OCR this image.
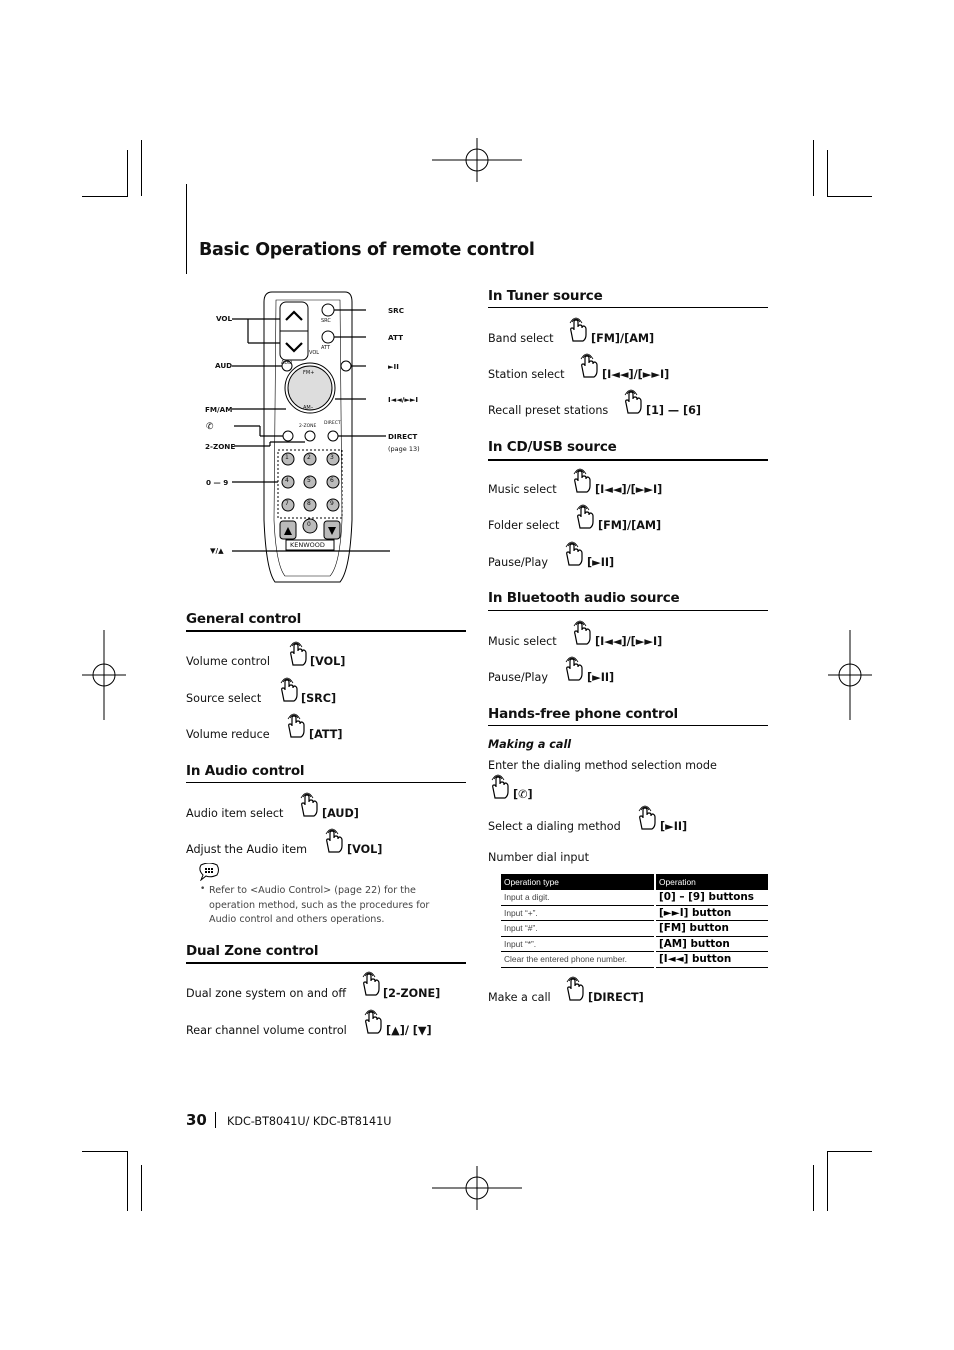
Basic Operations of remote control
VOL
AUD
FM/AM
✆
2-ZONE
0 — 9
▼/▲
SRC
ATT
►II
I◄◄/►►I
DIRECT
(page 13)
SRC
ATT
VOL
AUD
FM+
AM–
2-ZONE
DIRECT
1	2	3
4	5	6
7	8	9
0
KENWOOD
General control
Volume control	[VOL]
Source select	[SRC]
Volume reduce	[ATT]
In Audio control
Audio item select	[AUD]
Adjust the Audio item	[VOL]
• Refer to <Audio Control> (page 22) for the operation method, such as the procedures for Audio control and others operations.
Dual Zone control
Dual zone system on and off	[2-ZONE]
Rear channel volume control	[▲]/ [▼]
In Tuner source
Band select	[FM]/[AM]
Station select	[I◄◄]/[►►I]
Recall preset stations	[1] — [6]
In CD/USB source
Music select	[I◄◄]/[►►I]
Folder select	[FM]/[AM]
Pause/Play	[►II]
In Bluetooth audio source
Music select	[I◄◄]/[►►I]
Pause/Play	[►II]
Hands-free phone control
Making a call
Enter the dialing method selection mode
[✆]
Select a dialing method	[►II]
Number dial input
Operation type	Operation
Input a digit.	[0] – [9] buttons
Input “+”.	[►►I] button
Input “#”.	[FM] button
Input “*”.	[AM] button
Clear the entered phone number.	[I◄◄] button
Make a call	[DIRECT]
30 KDC-BT8041U/ KDC-BT8141U
